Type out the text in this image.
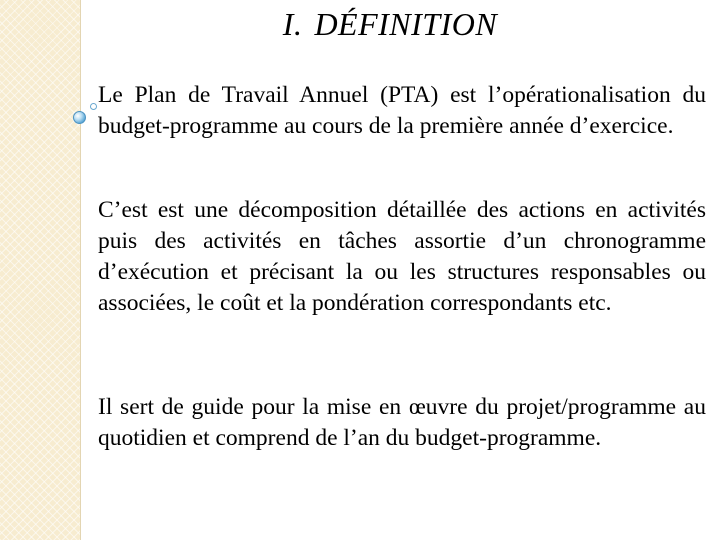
I. DÉFINITION

Le Plan de Travail Annuel (PTA) est l’opérationalisation du budget-programme au cours de la première année d’exercice.

C’est est une décomposition détaillée des actions en activités puis des activités en tâches assortie d’un chronogramme d’exécution et précisant la ou les structures responsables ou associées, le coût et la pondération correspondants etc.

Il sert de guide pour la mise en œuvre du projet/programme au quotidien et comprend de l’an du budget-programme.
